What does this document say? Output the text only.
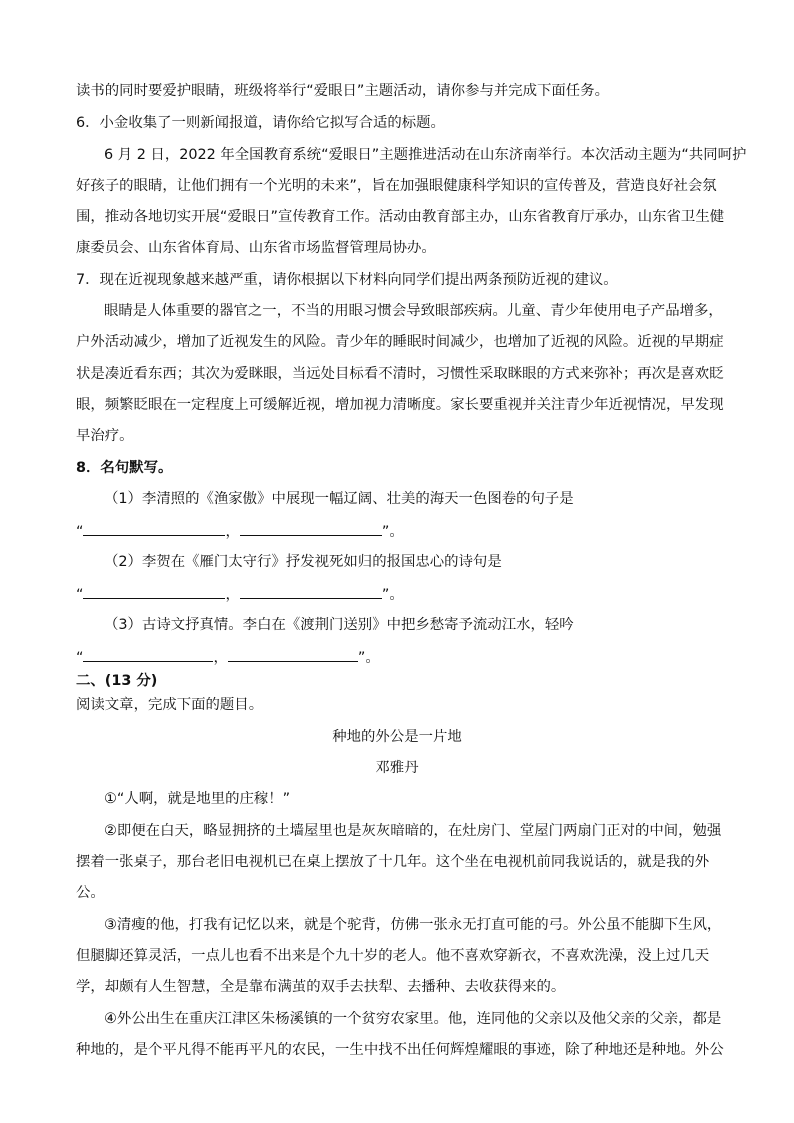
读书的同时要爱护眼睛，班级将举行“爱眼日”主题活动，请你参与并完成下面任务。
6．小金收集了一则新闻报道，请你给它拟写合适的标题。
6 月 2 日，2022 年全国教育系统“爱眼日”主题推进活动在山东济南举行。本次活动主题为“共同呵护
好孩子的眼睛，让他们拥有一个光明的未来”，旨在加强眼健康科学知识的宣传普及，营造良好社会氛
围，推动各地切实开展“爱眼日”宣传教育工作。活动由教育部主办，山东省教育厅承办，山东省卫生健
康委员会、山东省体育局、山东省市场监督管理局协办。
7．现在近视现象越来越严重，请你根据以下材料向同学们提出两条预防近视的建议。
眼睛是人体重要的器官之一，不当的用眼习惯会导致眼部疾病。儿童、青少年使用电子产品增多，
户外活动减少，增加了近视发生的风险。青少年的睡眠时间减少，也增加了近视的风险。近视的早期症
状是凑近看东西；其次为爱眯眼，当远处目标看不清时，习惯性采取眯眼的方式来弥补；再次是喜欢眨
眼，频繁眨眼在一定程度上可缓解近视，增加视力清晰度。家长要重视并关注青少年近视情况，早发现
早治疗。
8．名句默写。
（1）李清照的《渔家傲》中展现一幅辽阔、壮美的海天一色图卷的句子是
“	，	”。
（2）李贺在《雁门太守行》抒发视死如归的报国忠心的诗句是
“	，	”。
（3）古诗文抒真情。李白在《渡荆门送别》中把乡愁寄予流动江水，轻吟
“	，	”。
二、(13 分)
阅读文章，完成下面的题目。
种地的外公是一片地
邓雅丹
①“人啊，就是地里的庄稼！”
②即便在白天，略显拥挤的土墙屋里也是灰灰暗暗的，在灶房门、堂屋门两扇门正对的中间，勉强
摆着一张桌子，那台老旧电视机已在桌上摆放了十几年。这个坐在电视机前同我说话的，就是我的外
公。
③清瘦的他，打我有记忆以来，就是个驼背，仿佛一张永无打直可能的弓。外公虽不能脚下生风，
但腿脚还算灵活，一点儿也看不出来是个九十岁的老人。他不喜欢穿新衣，不喜欢洗澡，没上过几天
学，却颇有人生智慧，全是靠布满茧的双手去扶犁、去播种、去收获得来的。
④外公出生在重庆江津区朱杨溪镇的一个贫穷农家里。他，连同他的父亲以及他父亲的父亲，都是
种地的，是个平凡得不能再平凡的农民，一生中找不出任何辉煌耀眼的事迹，除了种地还是种地。外公
